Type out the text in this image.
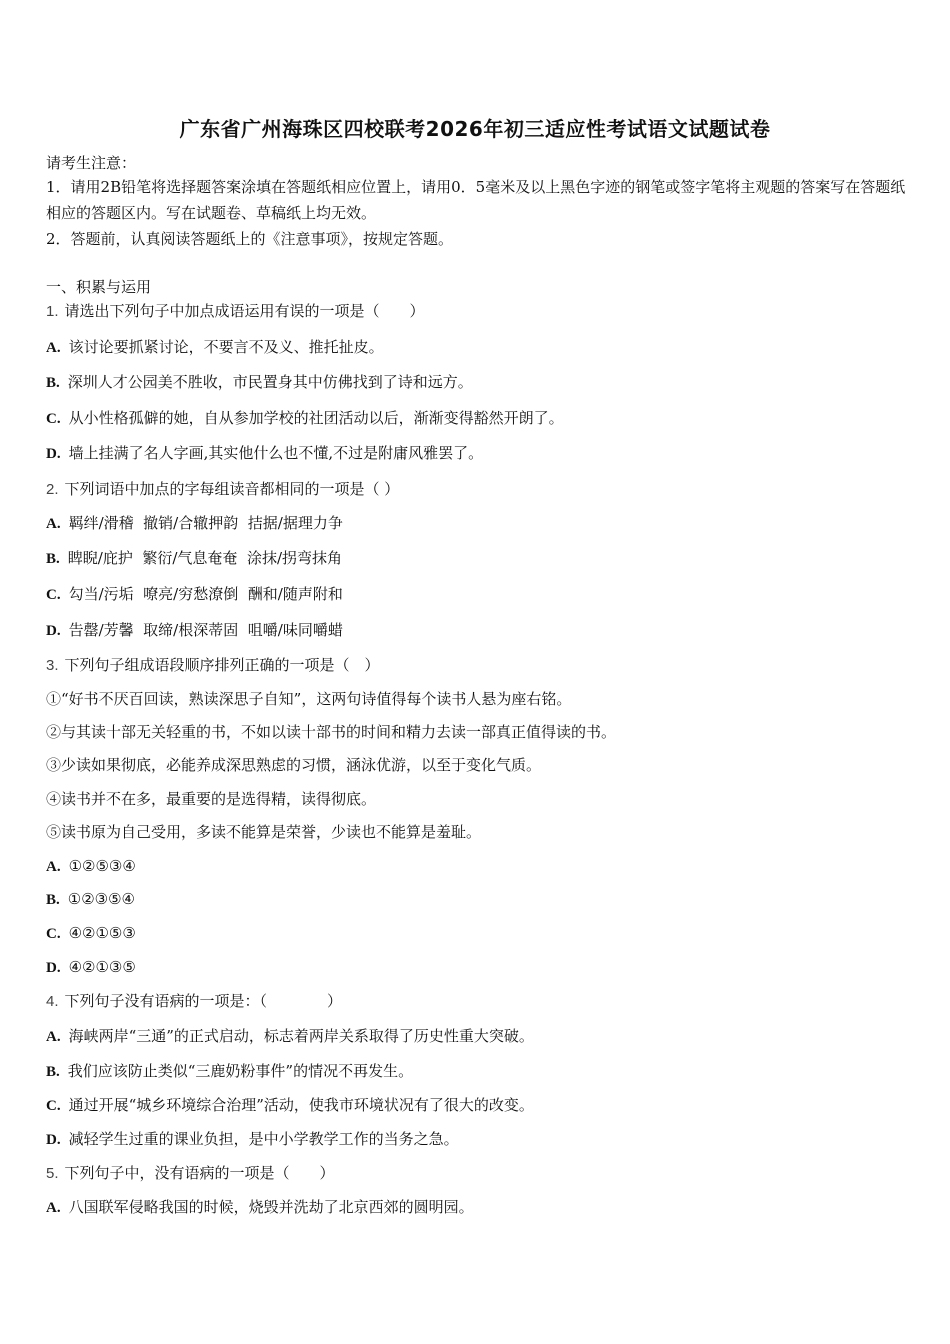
广东省广州海珠区四校联考2026年初三适应性考试语文试题试卷
请考生注意：

1．请用2B铅笔将选择题答案涂填在答题纸相应位置上，请用0．5毫米及以上黑色字迹的钢笔或签字笔将主观题的答案写在答题纸相应的答题区内。写在试题卷、草稿纸上均无效。

2．答题前，认真阅读答题纸上的《注意事项》，按规定答题。

一、积累与运用
1. 请选出下列句子中加点成语运用有误的一项是（　　）
A. 该讨论要抓紧讨论，不要言不及义、推托扯皮。
B. 深圳人才公园美不胜收，市民置身其中仿佛找到了诗和远方。
C. 从小性格孤僻的她，自从参加学校的社团活动以后，渐渐变得豁然开朗了。
D. 墙上挂满了名人字画,其实他什么也不懂,不过是附庸风雅罢了。
2. 下列词语中加点的字每组读音都相同的一项是（ ）
A. 羁绊/滑稽  撤销/合辙押韵  拮据/据理力争
B. 睥睨/庇护  繁衍/气息奄奄  涂抹/拐弯抹角
C. 勾当/污垢  嘹亮/穷愁潦倒  酬和/随声附和
D. 告罄/芳馨  取缔/根深蒂固  咀嚼/味同嚼蜡
3. 下列句子组成语段顺序排列正确的一项是（　）
①“好书不厌百回读，熟读深思子自知”，这两句诗值得每个读书人悬为座右铭。
②与其读十部无关轻重的书，不如以读十部书的时间和精力去读一部真正值得读的书。
③少读如果彻底，必能养成深思熟虑的习惯，涵泳优游，以至于变化气质。
④读书并不在多，最重要的是选得精，读得彻底。
⑤读书原为自己受用，多读不能算是荣誉，少读也不能算是羞耻。
A. ①②⑤③④
B. ①②③⑤④
C. ④②①⑤③
D. ④②①③⑤
4. 下列句子没有语病的一项是：（　　　　）
A. 海峡两岸“三通”的正式启动，标志着两岸关系取得了历史性重大突破。
B. 我们应该防止类似“三鹿奶粉事件”的情况不再发生。
C. 通过开展“城乡环境综合治理”活动，使我市环境状况有了很大的改变。
D. 减轻学生过重的课业负担，是中小学教学工作的当务之急。
5. 下列句子中，没有语病的一项是（　　）
A. 八国联军侵略我国的时候，烧毁并洗劫了北京西郊的圆明园。
